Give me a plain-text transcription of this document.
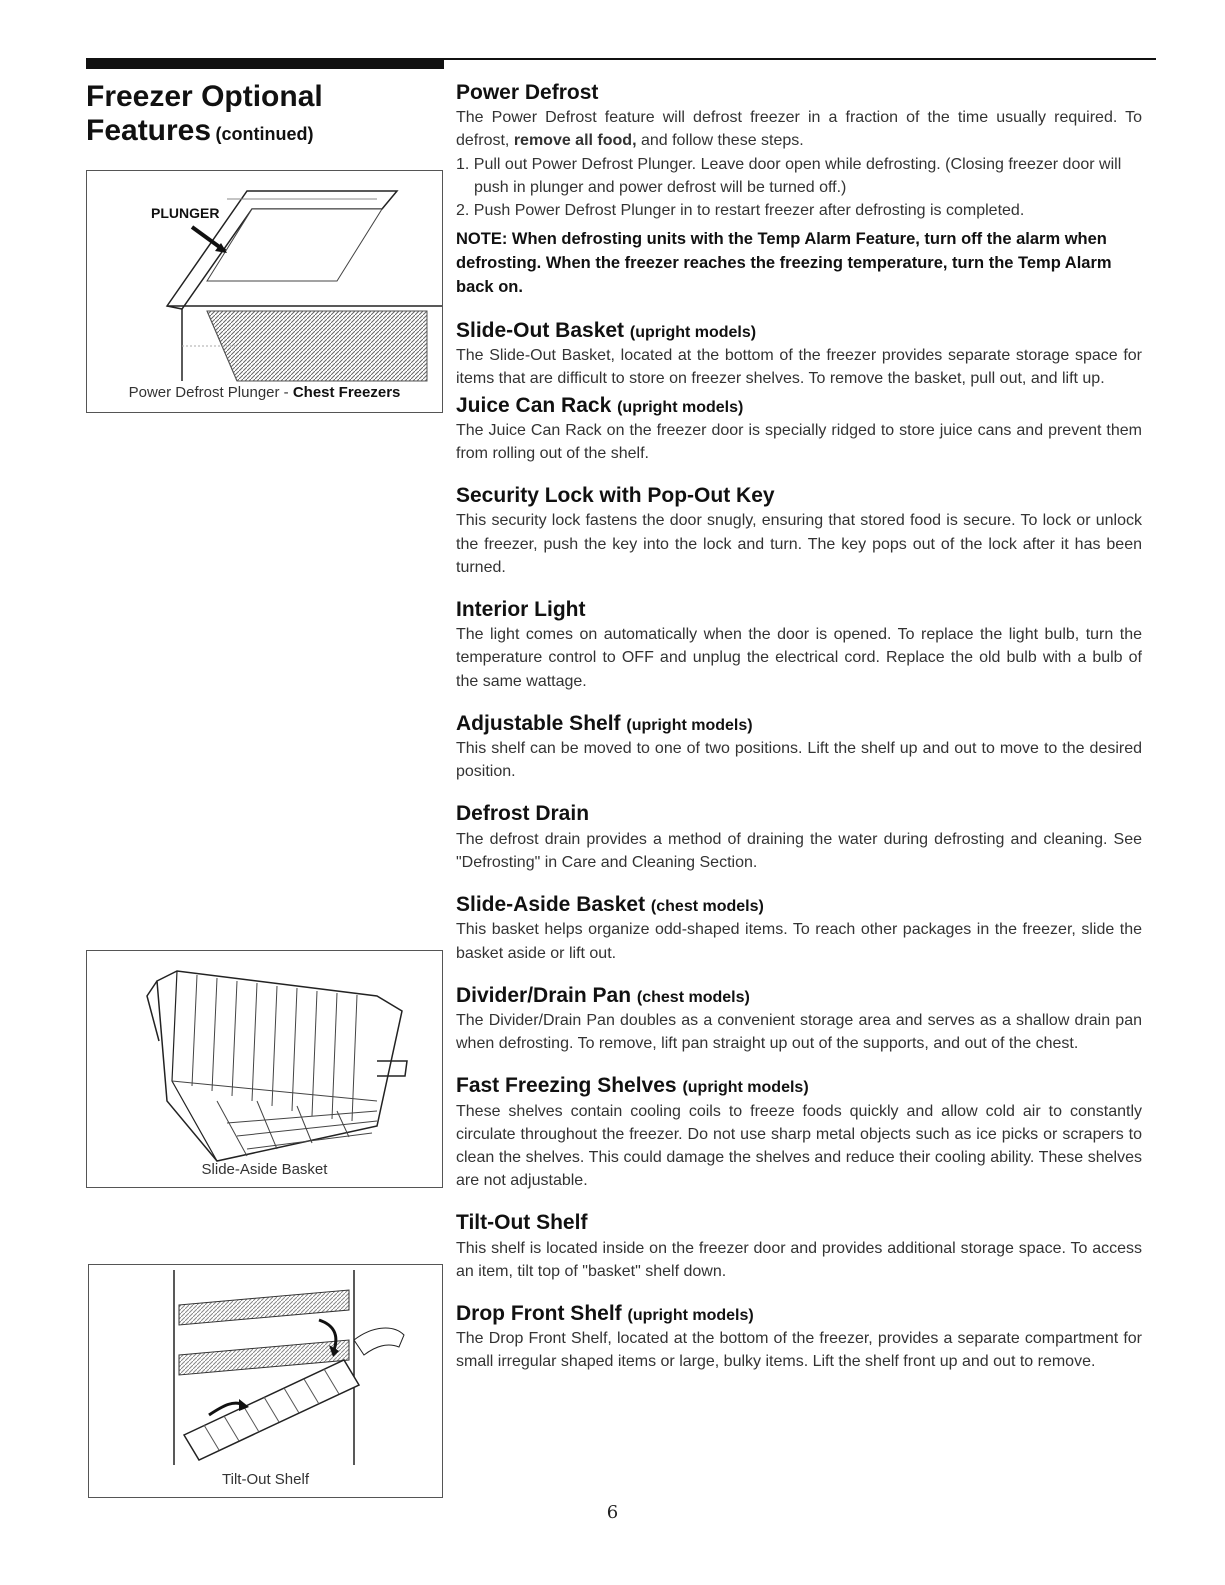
Freezer Optional
Features (continued)
PLUNGER
Power Defrost Plunger - Chest Freezers
Slide-Aside Basket
Tilt-Out Shelf
Power Defrost

The Power Defrost feature will defrost freezer in a fraction of the time usually required. To defrost, remove all food, and follow these steps.

1. Pull out Power Defrost Plunger. Leave door open while defrosting. (Closing freezer door will push in plunger and power defrost will be turned off.)
2. Push Power Defrost Plunger in to restart freezer after defrosting is completed.
NOTE: When defrosting units with the Temp Alarm Feature, turn off the alarm when defrosting. When the freezer reaches the freezing temperature, turn the Temp Alarm back on.
Slide-Out Basket (upright models)

The Slide-Out Basket, located at the bottom of the freezer provides separate storage space for items that are difficult to store on freezer shelves. To remove the basket, pull out, and lift up.

Juice Can Rack (upright models)

The Juice Can Rack on the freezer door is specially ridged to store juice cans and prevent them from rolling out of the shelf.

Security Lock with Pop-Out Key

This security lock fastens the door snugly, ensuring that stored food is secure. To lock or unlock the freezer, push the key into the lock and turn. The key pops out of the lock after it has been turned.

Interior Light

The light comes on automatically when the door is opened. To replace the light bulb, turn the temperature control to OFF and unplug the electrical cord. Replace the old bulb with a bulb of the same wattage.

Adjustable Shelf (upright models)

This shelf can be moved to one of two positions. Lift the shelf up and out to move to the desired position.

Defrost Drain

The defrost drain provides a method of draining the water during defrosting and cleaning. See "Defrosting" in Care and Cleaning Section.

Slide-Aside Basket (chest models)

This basket helps organize odd-shaped items. To reach other packages in the freezer, slide the basket aside or lift out.

Divider/Drain Pan (chest models)

The Divider/Drain Pan doubles as a convenient storage area and serves as a shallow drain pan when defrosting. To remove, lift pan straight up out of the supports, and out of the chest.

Fast Freezing Shelves (upright models)

These shelves contain cooling coils to freeze foods quickly and allow cold air to constantly circulate throughout the freezer. Do not use sharp metal objects such as ice picks or scrapers to clean the shelves. This could damage the shelves and reduce their cooling ability. These shelves are not adjustable.

Tilt-Out Shelf

This shelf is located inside on the freezer door and provides additional storage space. To access an item, tilt top of "basket" shelf down.

Drop Front Shelf (upright models)

The Drop Front Shelf, located at the bottom of the freezer, provides a separate compartment for small irregular shaped items or large, bulky items. Lift the shelf front up and out to remove.

6
